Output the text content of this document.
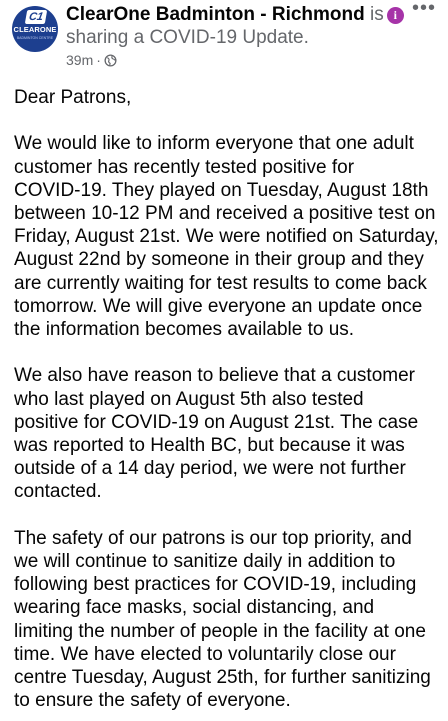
C1
CLEARONE
BADMINTON CENTRE
ClearOne Badminton - Richmond is i
sharing a COVID-19 Update.
39m ·
•••

Dear Patrons,

We would like to inform everyone that one adult

customer has recently tested positive for

COVID-19. They played on Tuesday, August 18th

between 10-12 PM and received a positive test on

Friday, August 21st. We were notified on Saturday,

August 22nd by someone in their group and they

are currently waiting for test results to come back

tomorrow. We will give everyone an update once

the information becomes available to us.

We also have reason to believe that a customer

who last played on August 5th also tested

positive for COVID-19 on August 21st. The case

was reported to Health BC, but because it was

outside of a 14 day period, we were not further

contacted.

The safety of our patrons is our top priority, and

we will continue to sanitize daily in addition to

following best practices for COVID-19, including

wearing face masks, social distancing, and

limiting the number of people in the facility at one

time. We have elected to voluntarily close our

centre Tuesday, August 25th, for further sanitizing

to ensure the safety of everyone.
